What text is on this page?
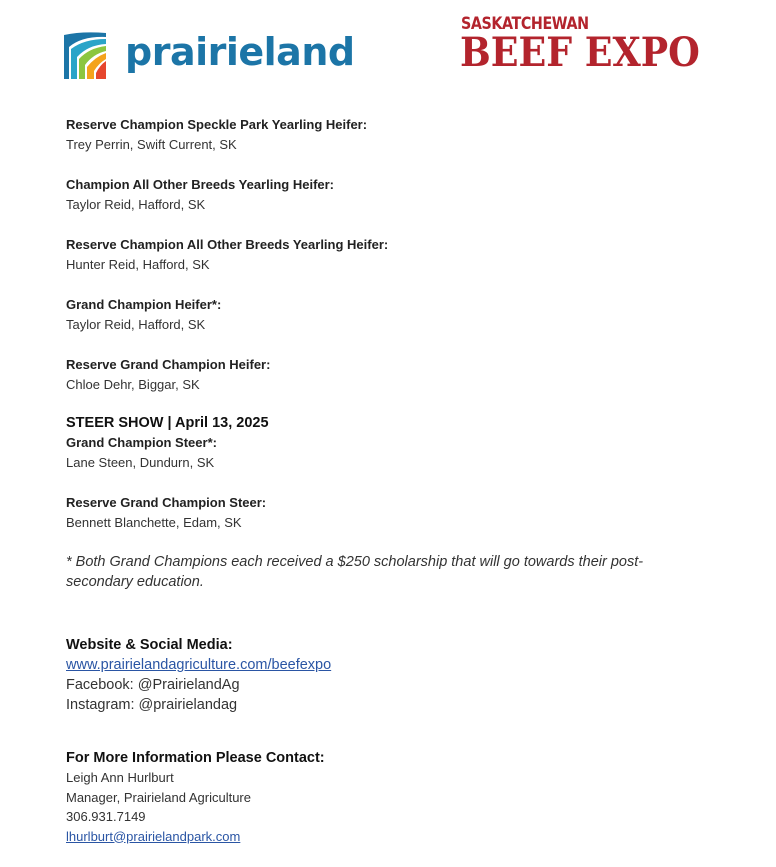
prairieland
SASKATCHEWAN
BEEF EXPO
Reserve Champion Speckle Park Yearling Heifer:
Trey Perrin, Swift Current, SK
Champion All Other Breeds Yearling Heifer:
Taylor Reid, Hafford, SK
Reserve Champion All Other Breeds Yearling Heifer:
Hunter Reid, Hafford, SK
Grand Champion Heifer*:
Taylor Reid, Hafford, SK
Reserve Grand Champion Heifer:
Chloe Dehr, Biggar, SK
STEER SHOW | April 13, 2025
Grand Champion Steer*:
Lane Steen, Dundurn, SK
Reserve Grand Champion Steer:
Bennett Blanchette, Edam, SK
* Both Grand Champions each received a $250 scholarship that will go towards their post-secondary education.
Website & Social Media:
www.prairielandagriculture.com/beefexpo
Facebook: @PrairielandAg
Instagram: @prairielandag
For More Information Please Contact:
Leigh Ann Hurlburt
Manager, Prairieland Agriculture
306.931.7149
lhurlburt@prairielandpark.com
